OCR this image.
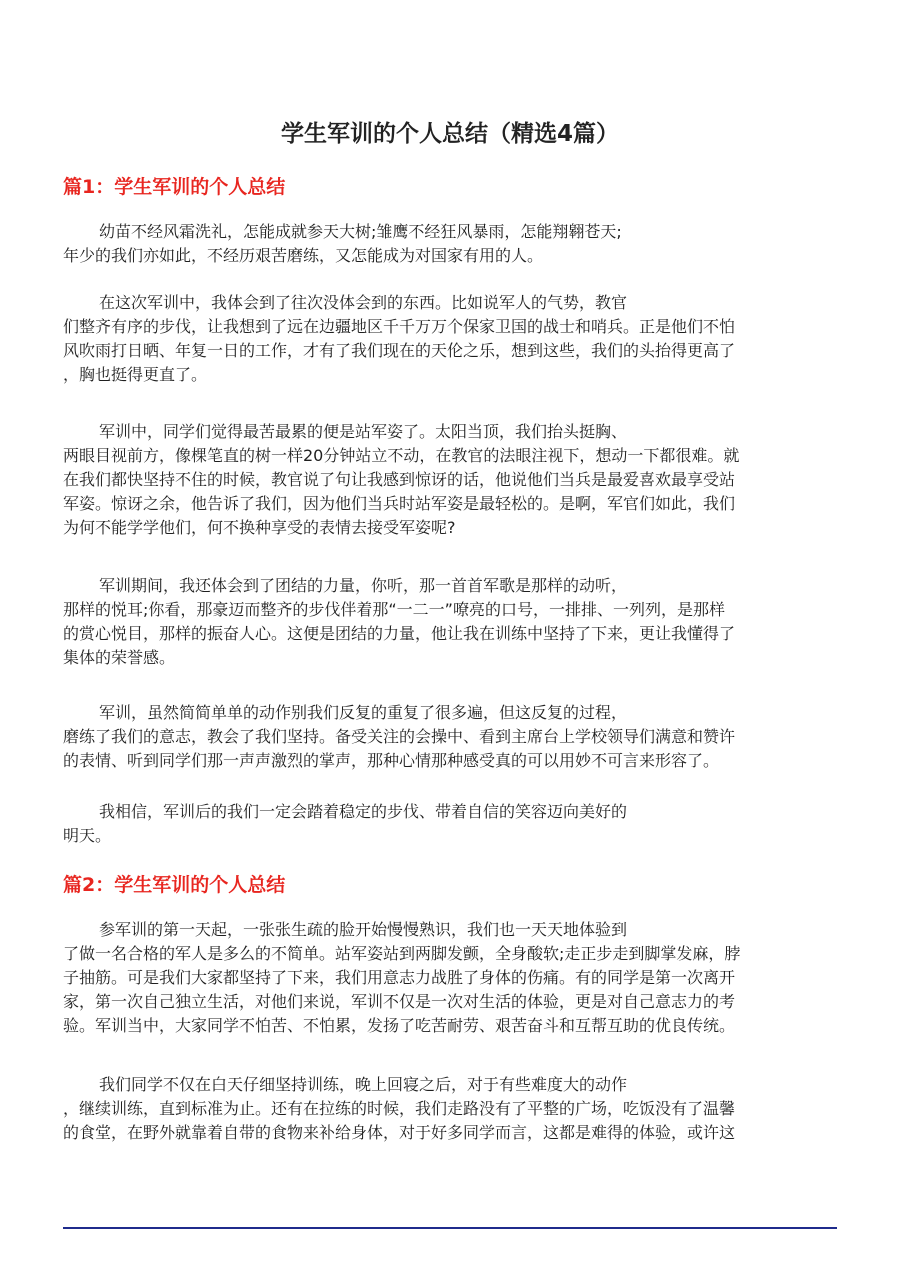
学生军训的个人总结（精选4篇）
篇1：学生军训的个人总结
幼苗不经风霜洗礼，怎能成就参天大树;雏鹰不经狂风暴雨，怎能翔翱苍天;
年少的我们亦如此，不经历艰苦磨练，又怎能成为对国家有用的人。
在这次军训中，我体会到了往次没体会到的东西。比如说军人的气势，教官
们整齐有序的步伐，让我想到了远在边疆地区千千万万个保家卫国的战士和哨兵。正是他们不怕
风吹雨打日晒、年复一日的工作，才有了我们现在的天伦之乐，想到这些，我们的头抬得更高了
，胸也挺得更直了。
军训中，同学们觉得最苦最累的便是站军姿了。太阳当顶，我们抬头挺胸、
两眼目视前方，像棵笔直的树一样20分钟站立不动，在教官的法眼注视下，想动一下都很难。就
在我们都快坚持不住的时候，教官说了句让我感到惊讶的话，他说他们当兵是最爱喜欢最享受站
军姿。惊讶之余，他告诉了我们，因为他们当兵时站军姿是最轻松的。是啊，军官们如此，我们
为何不能学学他们，何不换种享受的表情去接受军姿呢?
军训期间，我还体会到了团结的力量，你听，那一首首军歌是那样的动听，
那样的悦耳;你看，那豪迈而整齐的步伐伴着那“一二一”嘹亮的口号，一排排、一列列，是那样
的赏心悦目，那样的振奋人心。这便是团结的力量，他让我在训练中坚持了下来，更让我懂得了
集体的荣誉感。
军训，虽然简简单单的动作别我们反复的重复了很多遍，但这反复的过程，
磨练了我们的意志，教会了我们坚持。备受关注的会操中、看到主席台上学校领导们满意和赞许
的表情、听到同学们那一声声激烈的掌声，那种心情那种感受真的可以用妙不可言来形容了。
我相信，军训后的我们一定会踏着稳定的步伐、带着自信的笑容迈向美好的
明天。
篇2：学生军训的个人总结
参军训的第一天起，一张张生疏的脸开始慢慢熟识，我们也一天天地体验到
了做一名合格的军人是多么的不简单。站军姿站到两脚发颤，全身酸软;走正步走到脚掌发麻，脖
子抽筋。可是我们大家都坚持了下来，我们用意志力战胜了身体的伤痛。有的同学是第一次离开
家，第一次自己独立生活，对他们来说，军训不仅是一次对生活的体验，更是对自己意志力的考
验。军训当中，大家同学不怕苦、不怕累，发扬了吃苦耐劳、艰苦奋斗和互帮互助的优良传统。
我们同学不仅在白天仔细坚持训练，晚上回寝之后，对于有些难度大的动作
，继续训练，直到标准为止。还有在拉练的时候，我们走路没有了平整的广场，吃饭没有了温馨
的食堂，在野外就靠着自带的食物来补给身体，对于好多同学而言，这都是难得的体验，或许这
